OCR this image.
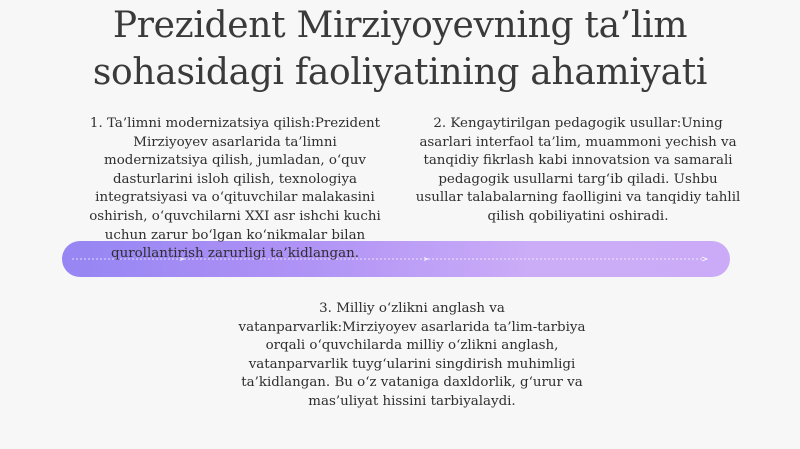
Prezident Mirziyoyevning ta’lim sohasidagi faoliyatining ahamiyati

1. Ta’limni modernizatsiya qilish:Prezident Mirziyoyev asarlarida ta’limni modernizatsiya qilish, jumladan, o‘quv dasturlarini isloh qilish, texnologiya integratsiyasi va o‘qituvchilar malakasini oshirish, o‘quvchilarni XXI asr ishchi kuchi uchun zarur bo‘lgan ko‘nikmalar bilan qurollantirish zarurligi ta’kidlangan.

2. Kengaytirilgan pedagogik usullar:Uning asarlari interfaol ta’lim, muammoni yechish va tanqidiy fikrlash kabi innovatsion va samarali pedagogik usullarni targ‘ib qiladi. Ushbu usullar talabalarning faolligini va tanqidiy tahlil qilish qobiliyatini oshiradi.

3. Milliy o‘zlikni anglash va vatanparvarlik:Mirziyoyev asarlarida ta’lim-tarbiya orqali o‘quvchilarda milliy o‘zlikni anglash, vatanparvarlik tuyg‘ularini singdirish muhimligi ta’kidlangan. Bu o‘z vataniga daxldorlik, g‘urur va mas’uliyat hissini tarbiyalaydi.
